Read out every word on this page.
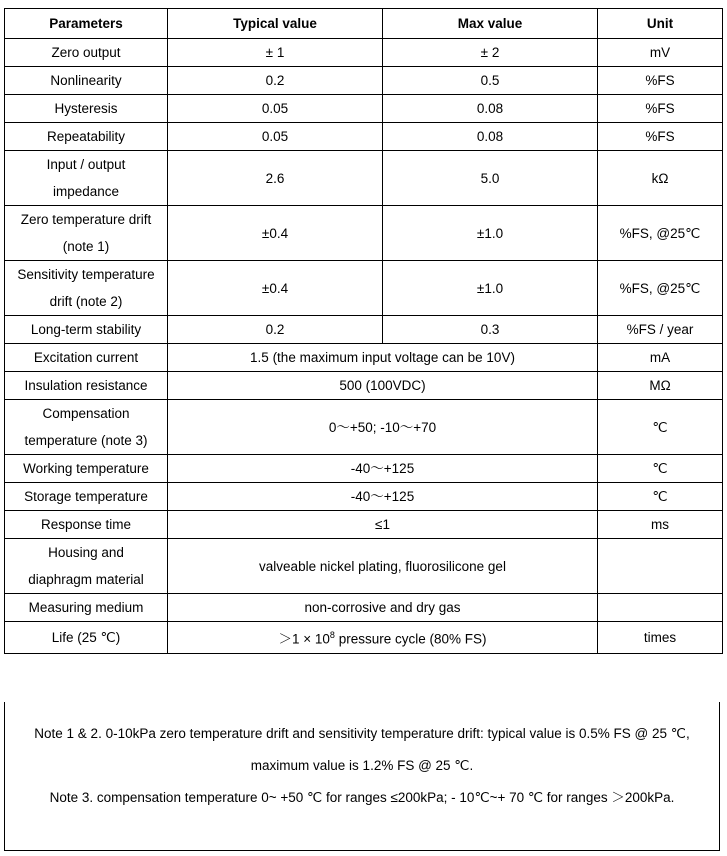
Parameters	Typical value	Max value	Unit
Zero output	± 1	± 2	mV
Nonlinearity	0.2	0.5	%FS
Hysteresis	0.05	0.08	%FS
Repeatability	0.05	0.08	%FS
Input / output
impedance	2.6	5.0	kΩ
Zero temperature drift
(note 1)	±0.4	±1.0	%FS, @25℃
Sensitivity temperature
drift (note 2)	±0.4	±1.0	%FS, @25℃
Long-term stability	0.2	0.3	%FS / year
Excitation current	1.5 (the maximum input voltage can be 10V)		mA
Insulation resistance	500 (100VDC)		MΩ
Compensation
temperature (note 3)	0～+50; -10～+70		℃
Working temperature	-40～+125		℃
Storage temperature	-40～+125		℃
Response time	≤1		ms
Housing and
diaphragm material	valveable nickel plating, fluorosilicone gel		
Measuring medium	non-corrosive and dry gas		
Life (25 ℃)	$>1 \times 10^8$ pressure cycle (80% FS)		times

Note 1 & 2. 0-10kPa zero temperature drift and sensitivity temperature drift: typical value is 0.5% FS @ 25 ℃,

maximum value is 1.2% FS @ 25 ℃.

Note 3. compensation temperature 0~ +50 ℃ for ranges ≤200kPa; - 10℃~+ 70 ℃ for ranges ＞200kPa.
